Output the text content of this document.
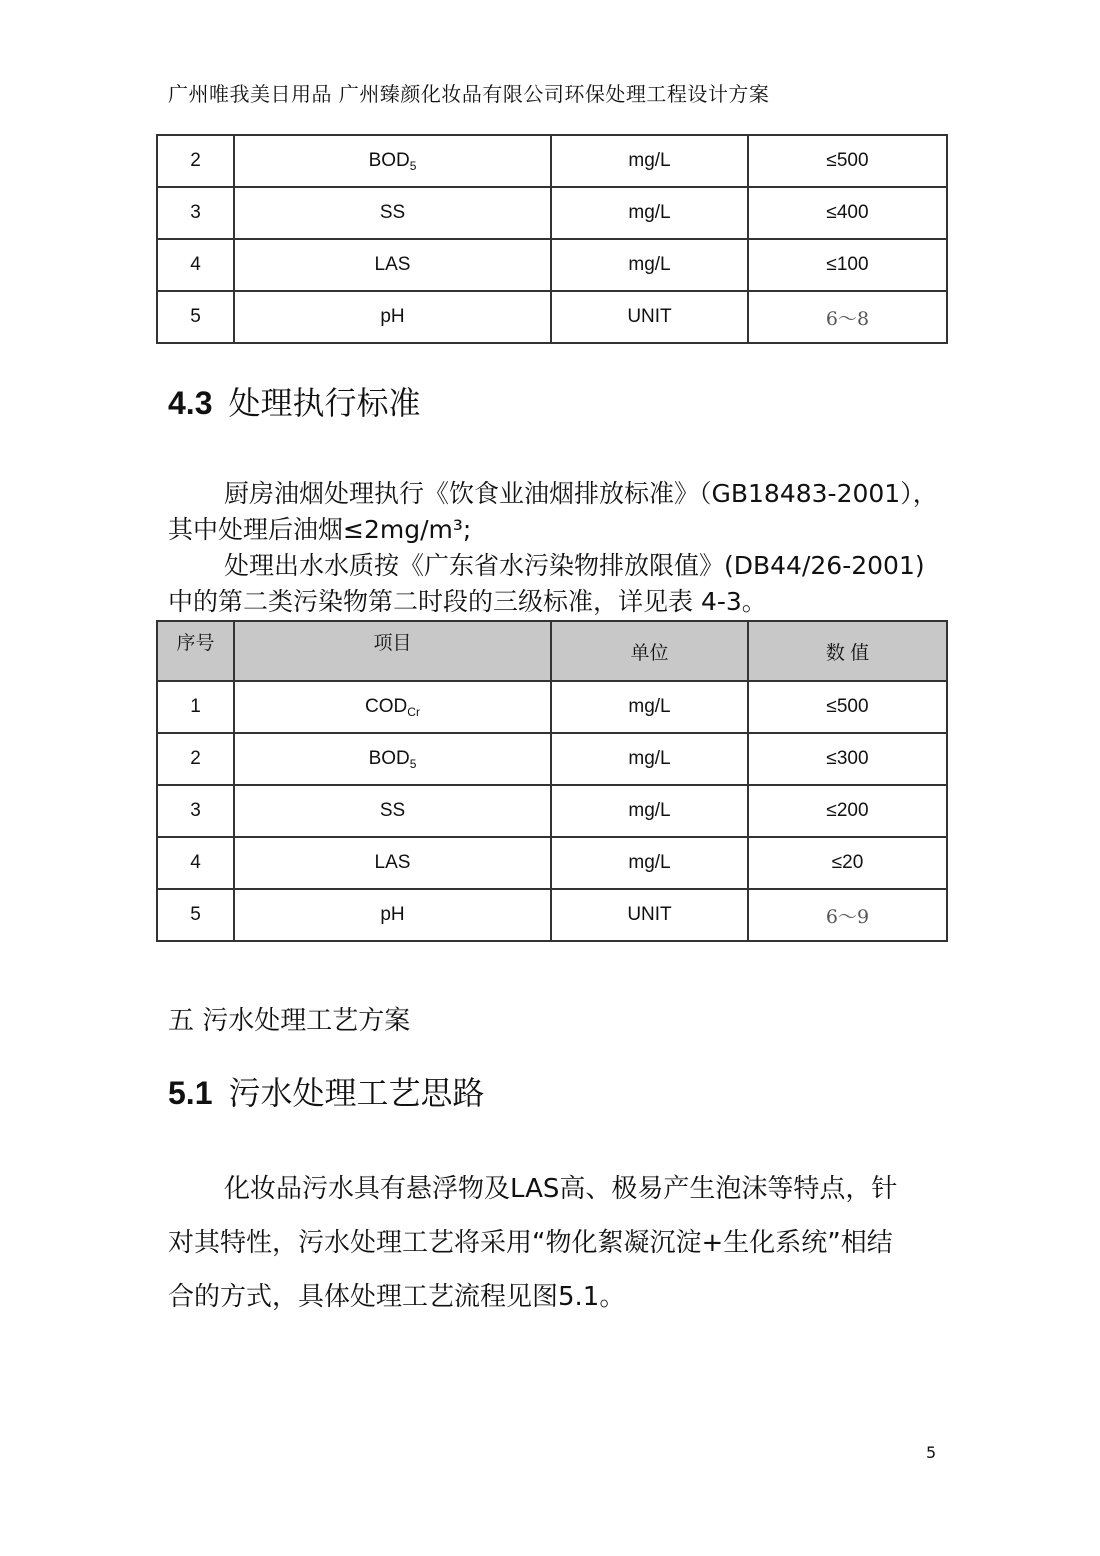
广州唯我美日用品 广州臻颜化妆品有限公司环保处理工程设计方案
2	$BOD_5$	mg/L	≤500
3	SS	mg/L	≤400
4	LAS	mg/L	≤100
5	pH	UNIT	6～8
4.3 处理执行标准
厨房油烟处理执行《饮食业油烟排放标准》（GB18483-2001），
其中处理后油烟≤2mg/m³;
处理出水水质按《广东省水污染物排放限值》(DB44/26-2001)
中的第二类污染物第二时段的三级标准，详见表 4-3。
序号	项目	单位	数 值
1	$COD_{Cr}$	mg/L	≤500
2	$BOD_5$	mg/L	≤300
3	SS	mg/L	≤200
4	LAS	mg/L	≤20
5	pH	UNIT	6～9
五 污水处理工艺方案
5.1 污水处理工艺思路
化妆品污水具有悬浮物及LAS高、极易产生泡沫等特点，针
对其特性，污水处理工艺将采用“物化絮凝沉淀+生化系统”相结
合的方式，具体处理工艺流程见图5.1。
5
